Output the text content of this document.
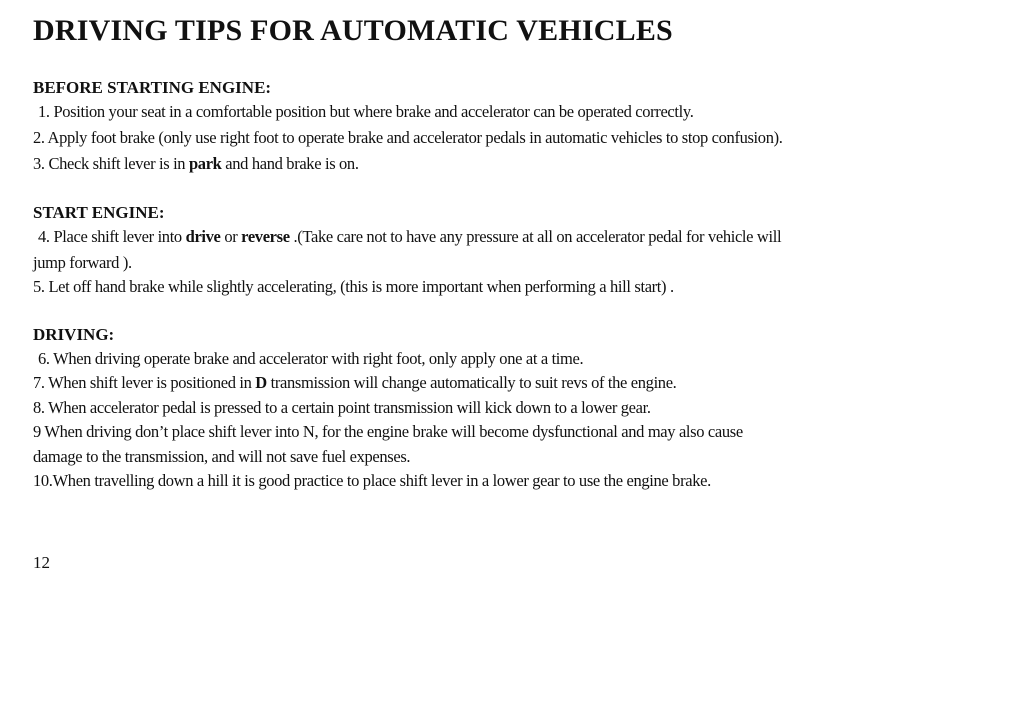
DRIVING TIPS FOR AUTOMATIC VEHICLES
BEFORE STARTING ENGINE:

1. Position your seat in a comfortable position but where brake and accelerator can be operated correctly.

2. Apply foot brake (only use right foot to operate brake and accelerator pedals in automatic vehicles to stop confusion).

3. Check shift lever is in park and hand brake is on.

START ENGINE:

4. Place shift lever into drive or reverse .(Take care not to have any pressure at all on accelerator pedal for vehicle will

jump forward ).

5. Let off hand brake while slightly accelerating, (this is more important when performing a hill start) .

DRIVING:

6. When driving operate brake and accelerator with right foot, only apply one at a time.

7. When shift lever is positioned in D transmission will change automatically to suit revs of the engine.

8. When accelerator pedal is pressed to a certain point transmission will kick down to a lower gear.

9 When driving don’t place shift lever into N, for the engine brake will become dysfunctional and may also cause

damage to the transmission, and will not save fuel expenses.

10.When travelling down a hill it is good practice to place shift lever in a lower gear to use the engine brake.

12
